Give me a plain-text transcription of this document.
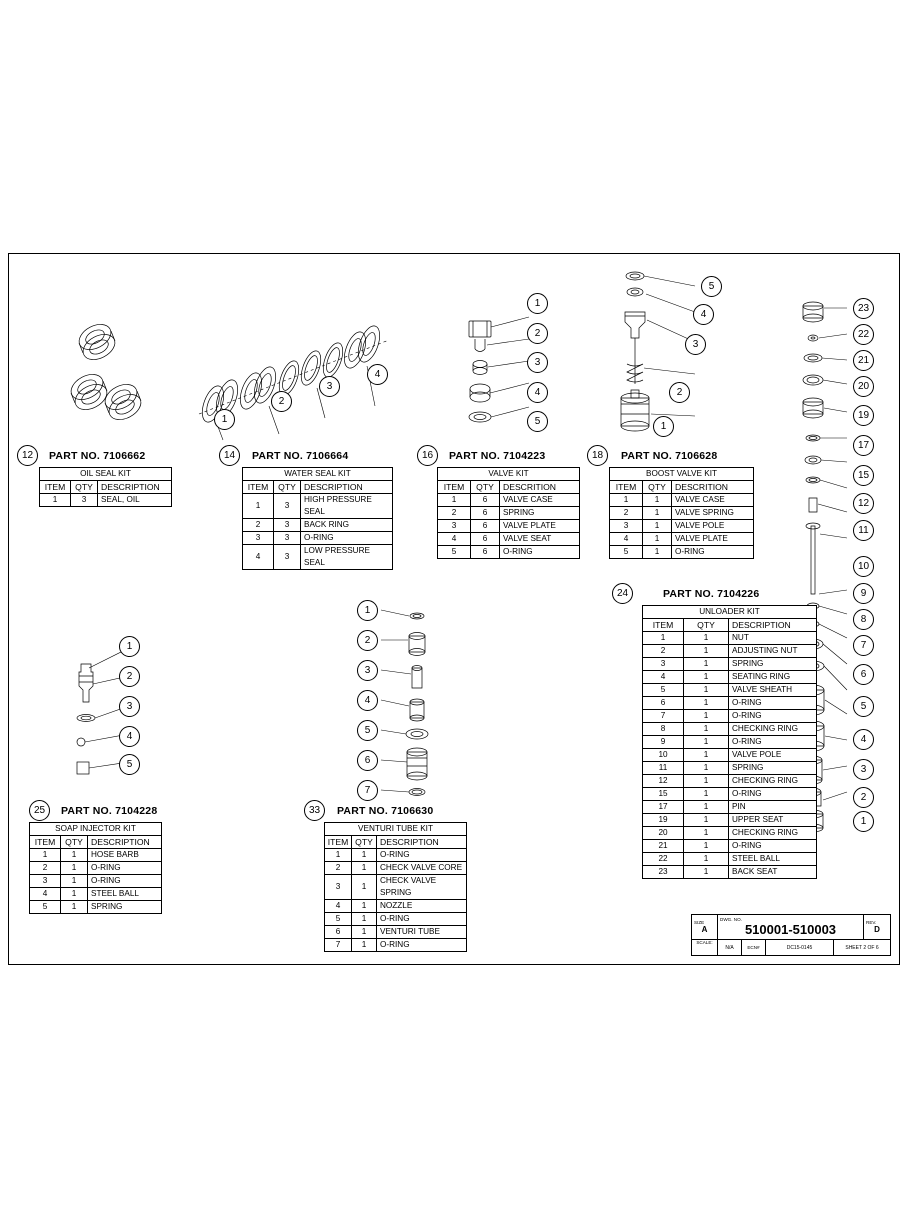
12	PART NO. 7106662
OIL SEAL KIT		
ITEM	QTY	DESCRIPTION
1	3	SEAL, OIL
1
2
3
4
14	PART NO. 7106664
WATER SEAL KIT		
ITEM	QTY	DESCRIPTION
1	3	HIGH PRESSURE SEAL
2	3	BACK RING
3	3	O-RING
4	3	LOW PRESSURE SEAL
1
2
3
4
5
16	PART NO. 7104223
VALVE KIT		
ITEM	QTY	DESCRITION
1	6	VALVE CASE
2	6	SPRING
3	6	VALVE PLATE
4	6	VALVE SEAT
5	6	O-RING
5
4
3
2
1
18	PART NO. 7106628
BOOST VALVE KIT		
ITEM	QTY	DESCRITION
1	1	VALVE CASE
2	1	VALVE SPRING
3	1	VALVE POLE
4	1	VALVE PLATE
5	1	O-RING
23
22
21
20
19
17
15
12
11
10
9
8
7
6
5
4
3
2
1
24	PART NO. 7104226
UNLOADER KIT		
ITEM	QTY	DESCRIPTION
1	1	NUT
2	1	ADJUSTING NUT
3	1	SPRING
4	1	SEATING RING
5	1	VALVE SHEATH
6	1	O-RING
7	1	O-RING
8	1	CHECKING RING
9	1	O-RING
10	1	VALVE POLE
11	1	SPRING
12	1	CHECKING RING
15	1	O-RING
17	1	PIN
19	1	UPPER SEAT
20	1	CHECKING RING
21	1	O-RING
22	1	STEEL BALL
23	1	BACK SEAT
1
2
3
4
5
25	PART NO. 7104228
SOAP INJECTOR KIT		
ITEM	QTY	DESCRIPTION
1	1	HOSE BARB
2	1	O-RING
3	1	O-RING
4	1	STEEL BALL
5	1	SPRING
1
2
3
4
5
6
7
33	PART NO. 7106630
VENTURI TUBE KIT		
ITEM	QTY	DESCRIPTION
1	1	O-RING
2	1	CHECK VALVE CORE
3	1	CHECK VALVE SPRING
4	1	NOZZLE
5	1	O-RING
6	1	VENTURI TUBE
7	1	O-RING
SIZE
A
DWG. NO.
510001-510003	REV.
D
SCALE:
N/A	ECN#	DC15-0145	SHEET 2 OF 6
